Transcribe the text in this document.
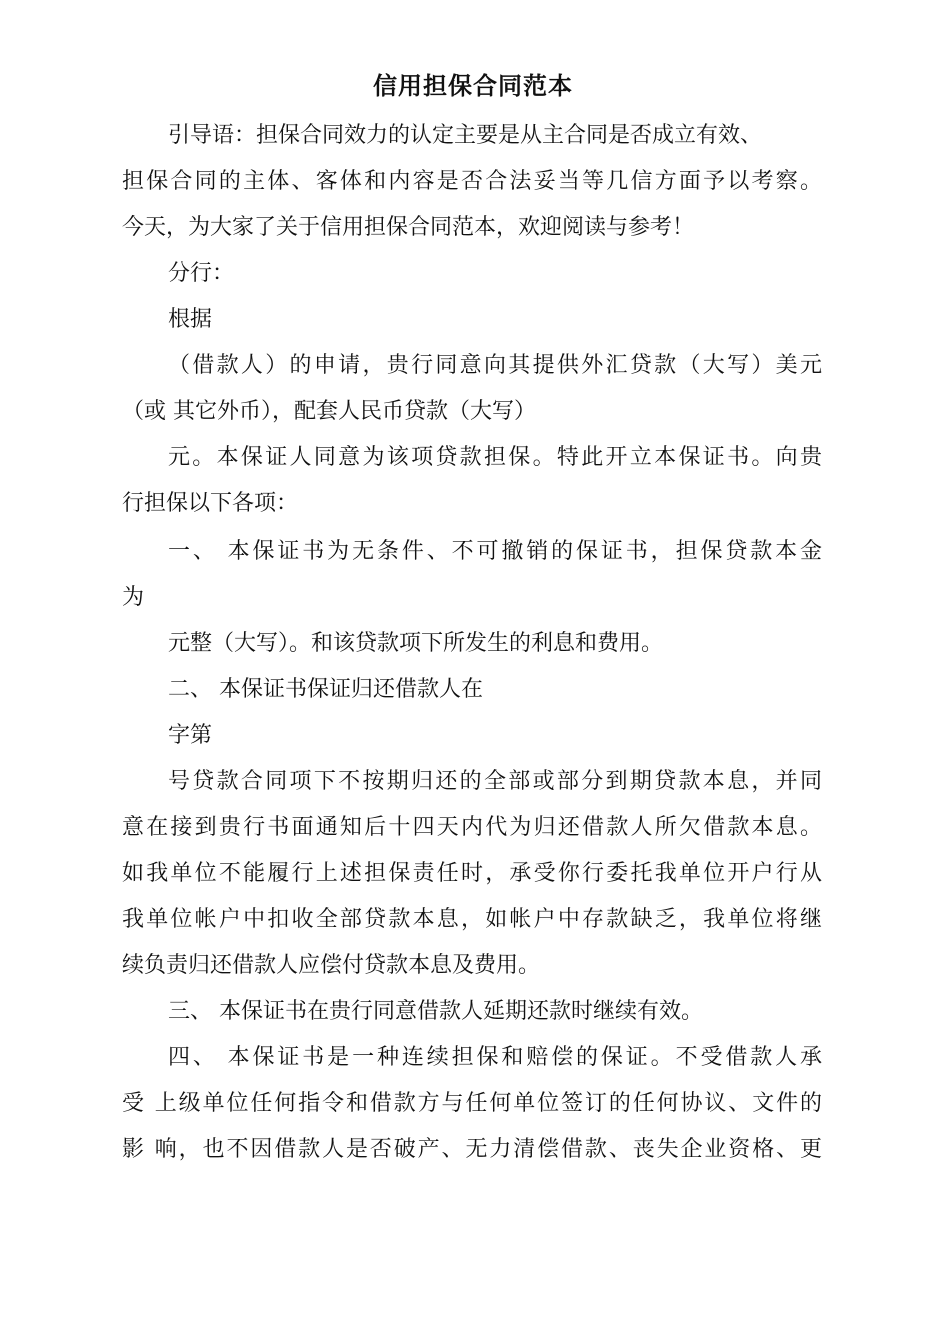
信用担保合同范本
引导语：担保合同效力的认定主要是从主合同是否成立有效、
担保合同的主体、客体和内容是否合法妥当等几信方面予以考察。
今天，为大家了关于信用担保合同范本，欢迎阅读与参考！
分行：
根据
（借款人）的申请，贵行同意向其提供外汇贷款（大写）美元
（或 其它外币），配套人民币贷款（大写）
元。本保证人同意为该项贷款担保。特此开立本保证书。向贵
行担保以下各项：
一、 本保证书为无条件、不可撤销的保证书，担保贷款本金
为
元整（大写）。和该贷款项下所发生的利息和费用。
二、 本保证书保证归还借款人在
字第
号贷款合同项下不按期归还的全部或部分到期贷款本息，并同
意在接到贵行书面通知后十四天内代为归还借款人所欠借款本息。
如我单位不能履行上述担保责任时，承受你行委托我单位开户行从
我单位帐户中扣收全部贷款本息，如帐户中存款缺乏，我单位将继
续负责归还借款人应偿付贷款本息及费用。
三、 本保证书在贵行同意借款人延期还款时继续有效。
四、 本保证书是一种连续担保和赔偿的保证。不受借款人承
受 上级单位任何指令和借款方与任何单位签订的任何协议、文件的
影 响，也不因借款人是否破产、无力清偿借款、丧失企业资格、更
